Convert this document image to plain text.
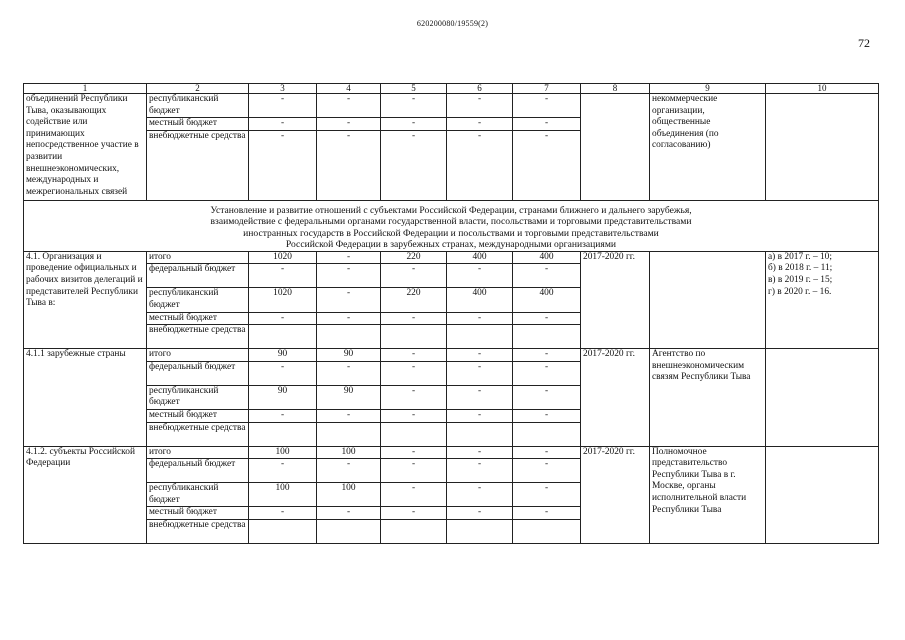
620200080/19559(2)
72
1	2	3	4	5	6	7	8	9	10
объединений Республики Тыва, оказывающих содействие или принимающих непосредственное участие в развитии внешнеэкономических, международных и межрегиональных связей	республиканский бюджет	-	-	-	-	-		некоммерческие организации, общественные объединения (по согласованию)	
	местный бюджет	-	-	-	-	-			
	внебюджетные средства	-	-	-	-	-			

Установление и развитие отношений с субъектами Российской Федерации, странами ближнего и дальнего зарубежья,
взаимодействие с федеральными органами государственной власти, посольствами и торговыми представительствами
иностранных государств в Российской Федерации и посольствами и торговыми представительствами
Российской Федерации в зарубежных странах, международными организациями									

4.1. Организация и проведение официальных и рабочих визитов делегаций и представителей Республики Тыва в:	итого	1020	-	220	400	400	2017-2020 гг.		а) в 2017 г. – 10;
б) в 2018 г. – 11;
в) в 2019 г. – 15;
г) в 2020 г. – 16.

	федеральный бюджет	-	-	-	-	-			
	республиканский бюджет	1020	-	220	400	400			
	местный бюджет	-	-	-	-	-			
	внебюджетные средства								
4.1.1 зарубежные страны	итого	90	90	-	-	-	2017-2020 гг.	Агентство по внешнеэкономическим связям Республики Тыва	
	федеральный бюджет	-	-	-	-	-			
	республиканский бюджет	90	90	-	-	-			
	местный бюджет	-	-	-	-	-			
	внебюджетные средства								
4.1.2. субъекты Российской Федерации	итого	100	100	-	-	-	2017-2020 гг.	Полномочное представительство Республики Тыва в г. Москве, органы исполнительной власти Республики Тыва	
	федеральный бюджет	-	-	-	-	-			
	республиканский бюджет	100	100	-	-	-			
	местный бюджет	-	-	-	-	-			
	внебюджетные средства								
